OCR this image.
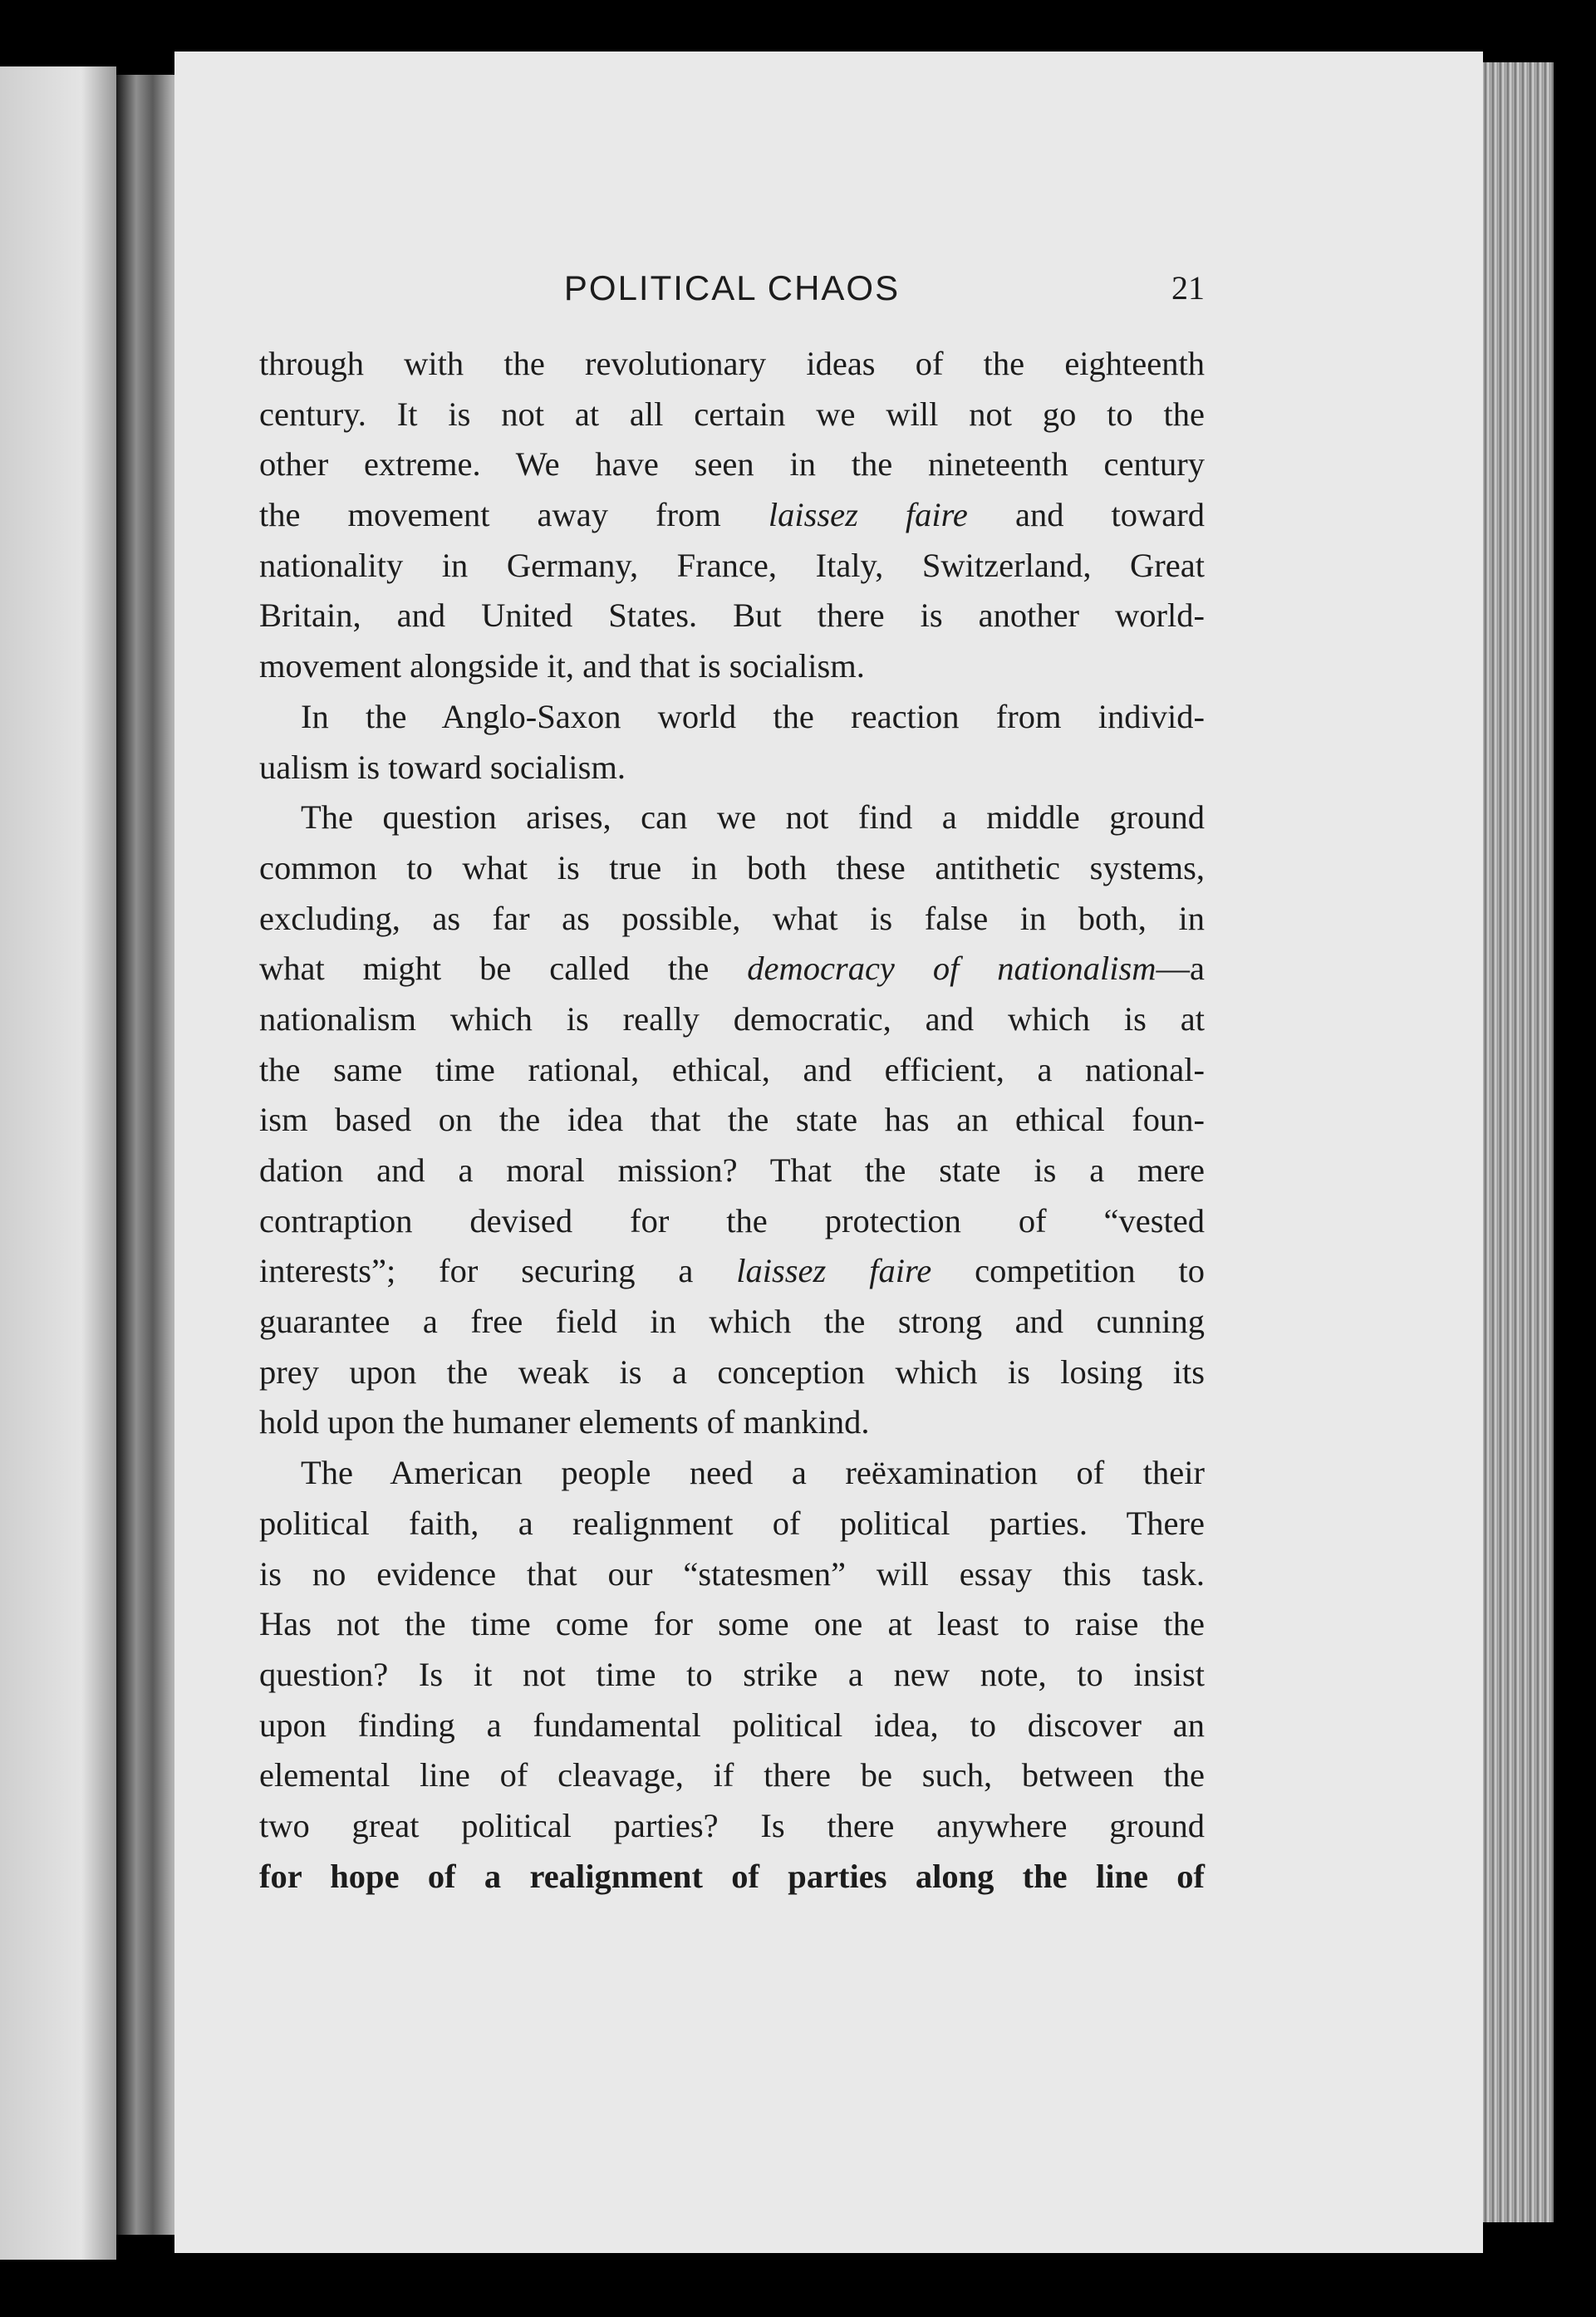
POLITICAL CHAOS	21
through with the revolutionary ideas of the eighteenth
century. It is not at all certain we will not go to the
other extreme. We have seen in the nineteenth century
the movement away from laissez faire and toward
nationality in Germany, France, Italy, Switzerland, Great
Britain, and United States. But there is another world-
movement alongside it, and that is socialism.
In the Anglo-Saxon world the reaction from individ-
ualism is toward socialism.
The question arises, can we not find a middle ground
common to what is true in both these antithetic systems,
excluding, as far as possible, what is false in both, in
what might be called the democracy of nationalism—a
nationalism which is really democratic, and which is at
the same time rational, ethical, and efficient, a national-
ism based on the idea that the state has an ethical foun-
dation and a moral mission? That the state is a mere
contraption devised for the protection of “vested
interests”; for securing a laissez faire competition to
guarantee a free field in which the strong and cunning
prey upon the weak is a conception which is losing its
hold upon the humaner elements of mankind.
The American people need a reëxamination of their
political faith, a realignment of political parties. There
is no evidence that our “statesmen” will essay this task.
Has not the time come for some one at least to raise the
question? Is it not time to strike a new note, to insist
upon finding a fundamental political idea, to discover an
elemental line of cleavage, if there be such, between the
two great political parties? Is there anywhere ground
for hope of a realignment of parties along the line of
